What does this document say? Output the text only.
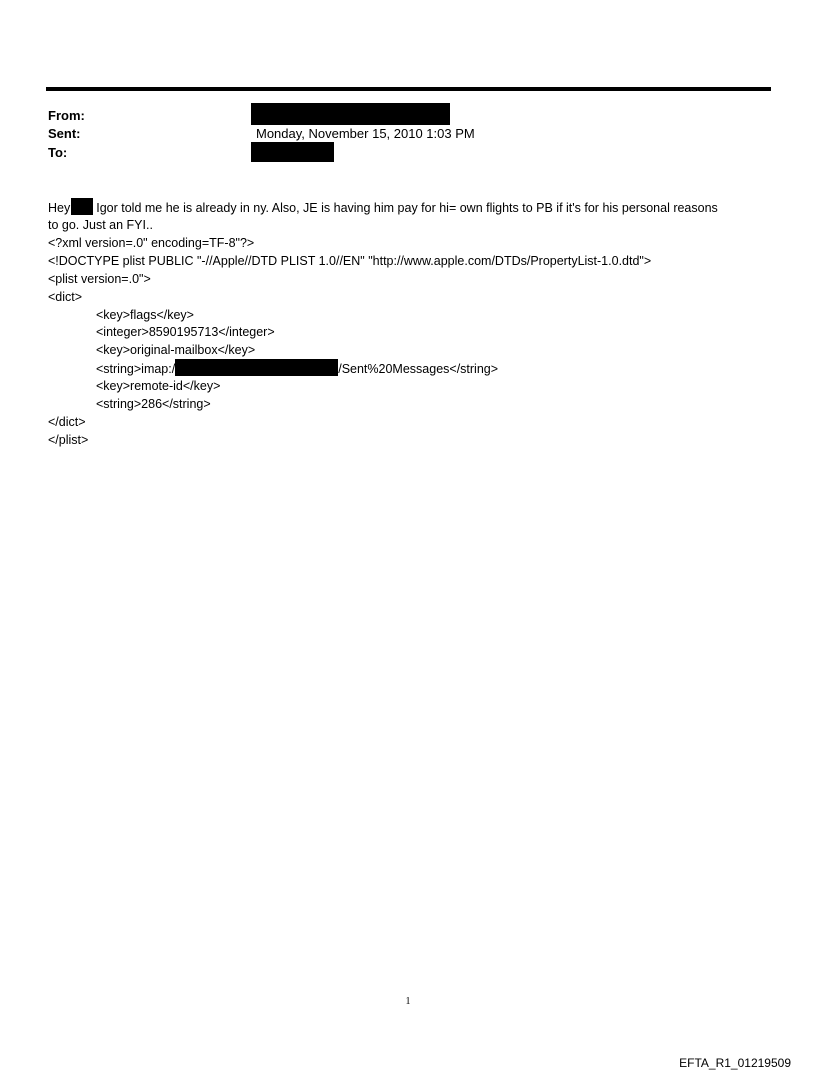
From:
Sent:	Monday, November 15, 2010 1:03 PM
To:
Hey Igor told me he is already in ny. Also, JE is having him pay for hi= own flights to PB if it's for his personal reasons
to go. Just an FYI..
<?xml version=.0" encoding=TF-8"?>
<!DOCTYPE plist PUBLIC "-//Apple//DTD PLIST 1.0//EN" "http://www.apple.com/DTDs/PropertyList-1.0.dtd">
<plist version=.0">
<dict>
<key>flags</key>
<integer>8590195713</integer>
<key>original-mailbox</key>
<string>imap:/	/Sent%20Messages</string>
<key>remote-id</key>
<string>286</string>
</dict>
</plist>
1
EFTA_R1_01219509
